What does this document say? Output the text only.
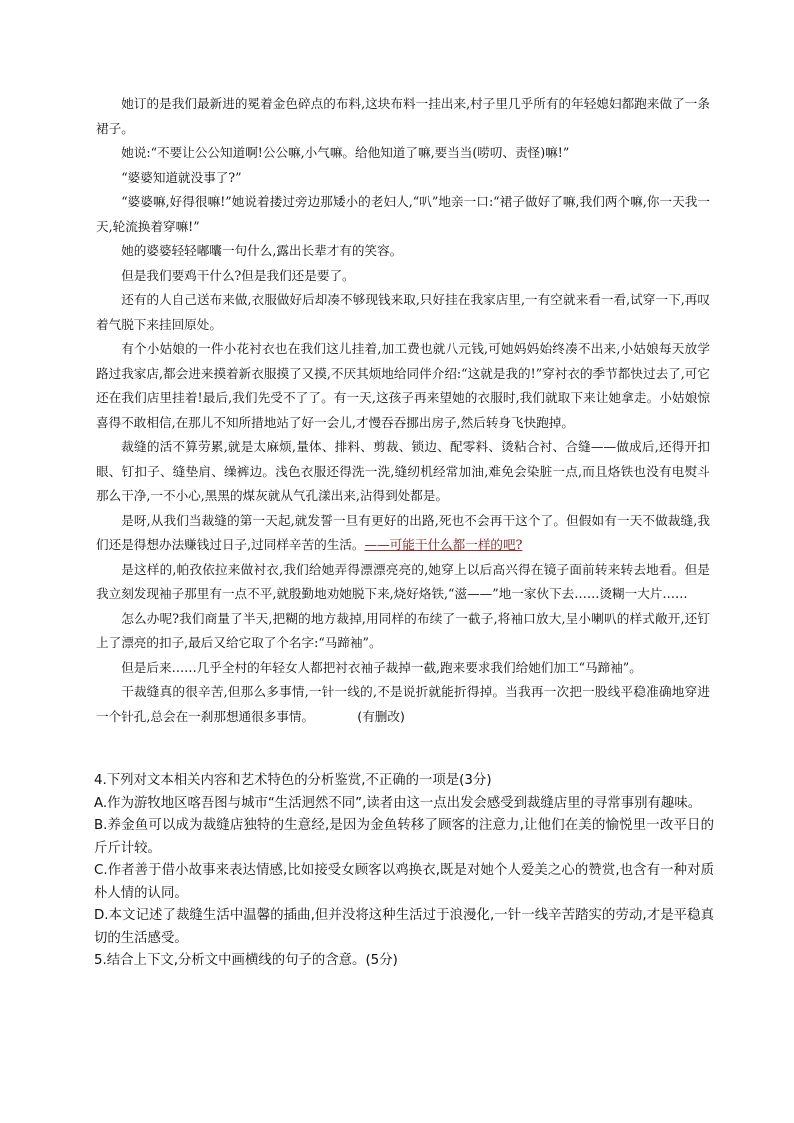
她订的是我们最新进的冕着金色碎点的布料,这块布料一挂出来,村子里几乎所有的年轻媳妇都跑来做了一条裙子。

她说:“不要让公公知道啊!公公嘛,小气嘛。给他知道了嘛,要当当(唠叨、责怪)嘛!”

“婆婆知道就没事了?”

“婆婆嘛,好得很嘛!”她说着搂过旁边那矮小的老妇人,“叭”地亲一口:“裙子做好了嘛,我们两个嘛,你一天我一天,轮流换着穿嘛!”

她的婆婆轻轻嘟囔一句什么,露出长辈才有的笑容。

但是我们要鸡干什么?但是我们还是要了。

还有的人自己送布来做,衣服做好后却凑不够现钱来取,只好挂在我家店里,一有空就来看一看,试穿一下,再叹着气脱下来挂回原处。

有个小姑娘的一件小花衬衣也在我们这儿挂着,加工费也就八元钱,可她妈妈始终凑不出来,小姑娘每天放学路过我家店,都会进来摸着新衣服摸了又摸,不厌其烦地给同伴介绍:“这就是我的!”穿衬衣的季节都快过去了,可它还在我们店里挂着!最后,我们先受不了了。有一天,这孩子再来望她的衣服时,我们就取下来让她拿走。小姑娘惊喜得不敢相信,在那儿不知所措地站了好一会儿,才慢吞吞挪出房子,然后转身飞快跑掉。

裁缝的活不算劳累,就是太麻烦,量体、排料、剪裁、锁边、配零料、烫粘合衬、合缝——做成后,还得开扣眼、钉扣子、缝垫肩、缲裤边。浅色衣服还得洗一洗,缝纫机经常加油,难免会染脏一点,而且烙铁也没有电熨斗那么干净,一不小心,黑黑的煤灰就从气孔漾出来,沾得到处都是。

是呀,从我们当裁缝的第一天起,就发誓一旦有更好的出路,死也不会再干这个了。但假如有一天不做裁缝,我们还是得想办法赚钱过日子,过同样辛苦的生活。——可能干什么都一样的吧?

是这样的,帕孜依拉来做衬衣,我们给她弄得漂漂亮亮的,她穿上以后高兴得在镜子面前转来转去地看。但是我立刻发现袖子那里有一点不平,就殷勤地劝她脱下来,烧好烙铁,“滋——”地一家伙下去……烫糊一大片……

怎么办呢?我们商量了半天,把糊的地方裁掉,用同样的布续了一截子,将袖口放大,呈小喇叭的样式敞开,还钉上了漂亮的扣子,最后又给它取了个名字:“马蹄袖”。

但是后来……几乎全村的年轻女人都把衬衣袖子裁掉一截,跑来要求我们给她们加工“马蹄袖”。

干裁缝真的很辛苦,但那么多事情,一针一线的,不是说折就能折得掉。当我再一次把一股线平稳准确地穿进一个针孔,总会在一刹那想通很多事情。	(有删改)

4.下列对文本相关内容和艺术特色的分析鉴赏,不正确的一项是(3分)

A.作为游牧地区喀吾图与城市“生活迥然不同”,读者由这一点出发会感受到裁缝店里的寻常事别有趣味。

B.养金鱼可以成为裁缝店独特的生意经,是因为金鱼转移了顾客的注意力,让他们在美的愉悦里一改平日的斤斤计较。

C.作者善于借小故事来表达情感,比如接受女顾客以鸡换衣,既是对她个人爱美之心的赞赏,也含有一种对质朴人情的认同。

D.本文记述了裁缝生活中温馨的插曲,但并没将这种生活过于浪漫化,一针一线辛苦踏实的劳动,才是平稳真切的生活感受。

5.结合上下文,分析文中画横线的句子的含意。(5分)
